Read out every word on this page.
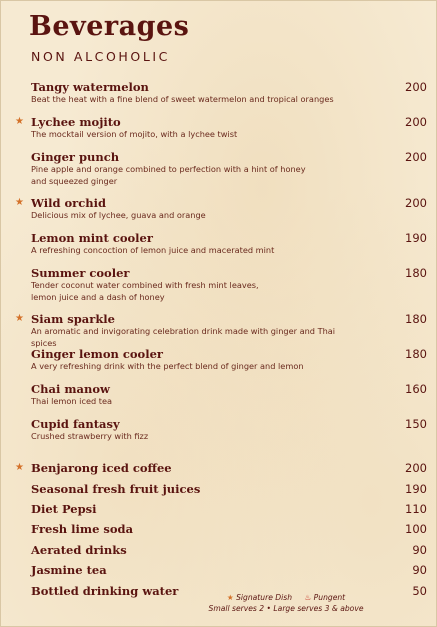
Beverages
NON ALCOHOLIC
Tangy watermelon
Beat the heat with a fine blend of sweet watermelon and tropical oranges
200
★ Lychee mojito
The mocktail version of mojito, with a lychee twist
200
Ginger punch
Pine apple and orange combined to perfection with a hint of honey
and squeezed ginger
200
★ Wild orchid
Delicious mix of lychee, guava and orange
200
Lemon mint cooler
A refreshing concoction of lemon juice and macerated mint
190
Summer cooler
Tender coconut water combined with fresh mint leaves,
lemon juice and a dash of honey
180
★ Siam sparkle
An aromatic and invigorating celebration drink made with ginger and Thai spices
180
Ginger lemon cooler
A very refreshing drink with the perfect blend of ginger and lemon
180
Chai manow
Thai lemon iced tea
160
Cupid fantasy
Crushed strawberry with fizz
150
★ Benjarong iced coffee	200
Seasonal fresh fruit juices	190
Diet Pepsi	110
Fresh lime soda	100
Aerated drinks	90
Jasmine tea	90
Bottled drinking water	50
★ Signature Dish ♨ Pungent
Small serves 2 • Large serves 3 & above
